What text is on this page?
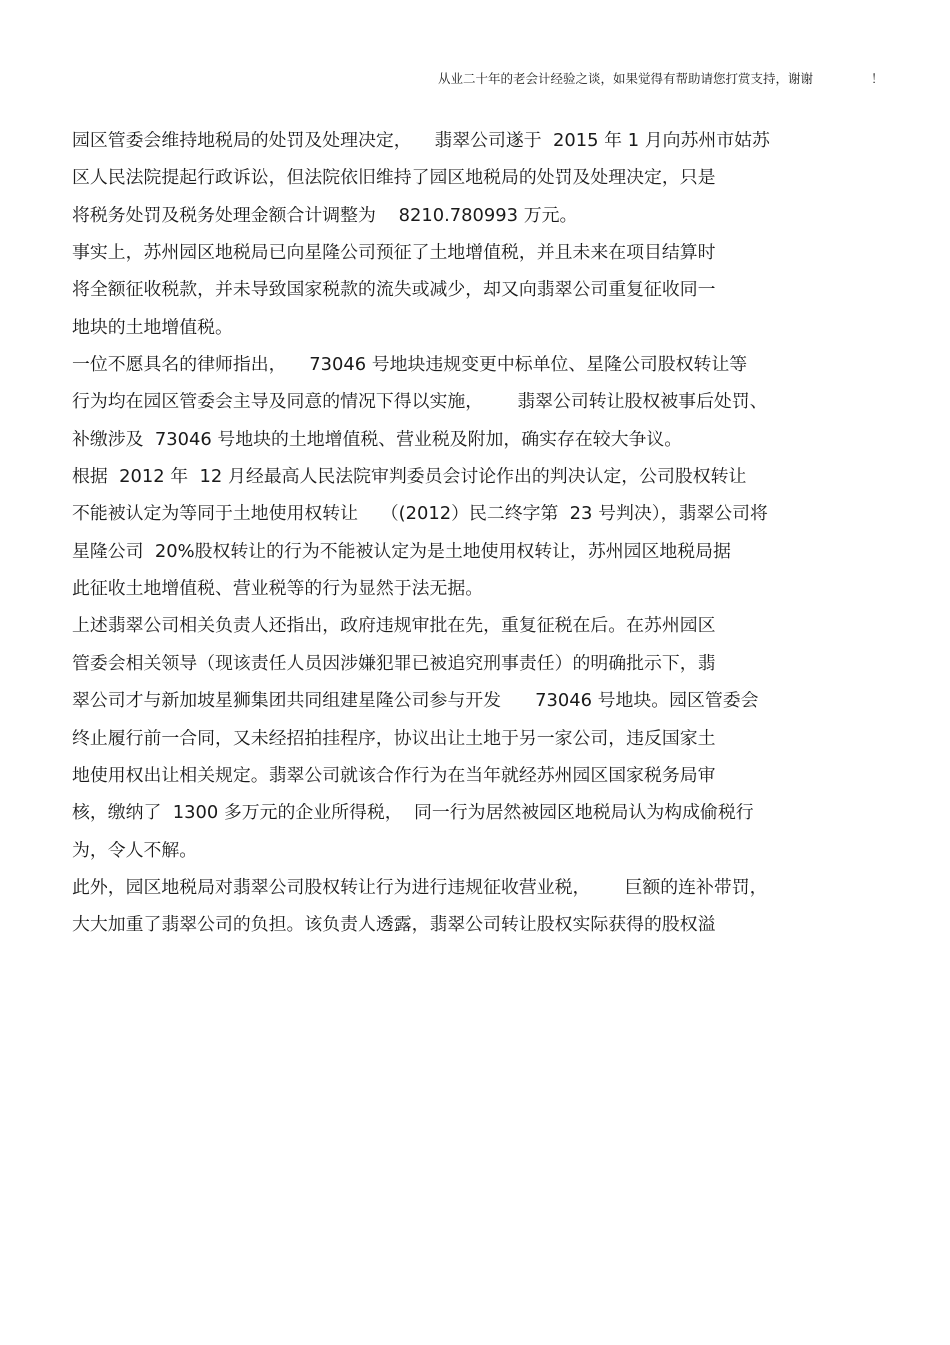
从业二十年的老会计经验之谈，如果觉得有帮助请您打赏支持，谢谢	！
园区管委会维持地税局的处罚及处理决定，    翡翠公司遂于  2015 年 1 月向苏州市姑苏
区人民法院提起行政诉讼，但法院依旧维持了园区地税局的处罚及处理决定，只是
将税务处罚及税务处理金额合计调整为    8210.780993 万元。
事实上，苏州园区地税局已向星隆公司预征了土地增值税，并且未来在项目结算时
将全额征收税款，并未导致国家税款的流失或减少，却又向翡翠公司重复征收同一
地块的土地增值税。
一位不愿具名的律师指出，    73046 号地块违规变更中标单位、星隆公司股权转让等
行为均在园区管委会主导及同意的情况下得以实施，      翡翠公司转让股权被事后处罚、
补缴涉及  73046 号地块的土地增值税、营业税及附加，确实存在较大争议。
根据  2012 年  12 月经最高人民法院审判委员会讨论作出的判决认定，公司股权转让
不能被认定为等同于土地使用权转让    （(2012）民二终字第  23 号判决），翡翠公司将
星隆公司  20%股权转让的行为不能被认定为是土地使用权转让，苏州园区地税局据
此征收土地增值税、营业税等的行为显然于法无据。
上述翡翠公司相关负责人还指出，政府违规审批在先，重复征税在后。在苏州园区
管委会相关领导（现该责任人员因涉嫌犯罪已被追究刑事责任）的明确批示下，翡
翠公司才与新加坡星狮集团共同组建星隆公司参与开发      73046 号地块。园区管委会
终止履行前一合同，又未经招拍挂程序，协议出让土地于另一家公司，违反国家土
地使用权出让相关规定。翡翠公司就该合作行为在当年就经苏州园区国家税务局审
核，缴纳了  1300 多万元的企业所得税，  同一行为居然被园区地税局认为构成偷税行
为，令人不解。
此外，园区地税局对翡翠公司股权转让行为进行违规征收营业税，      巨额的连补带罚，
大大加重了翡翠公司的负担。该负责人透露，翡翠公司转让股权实际获得的股权溢
